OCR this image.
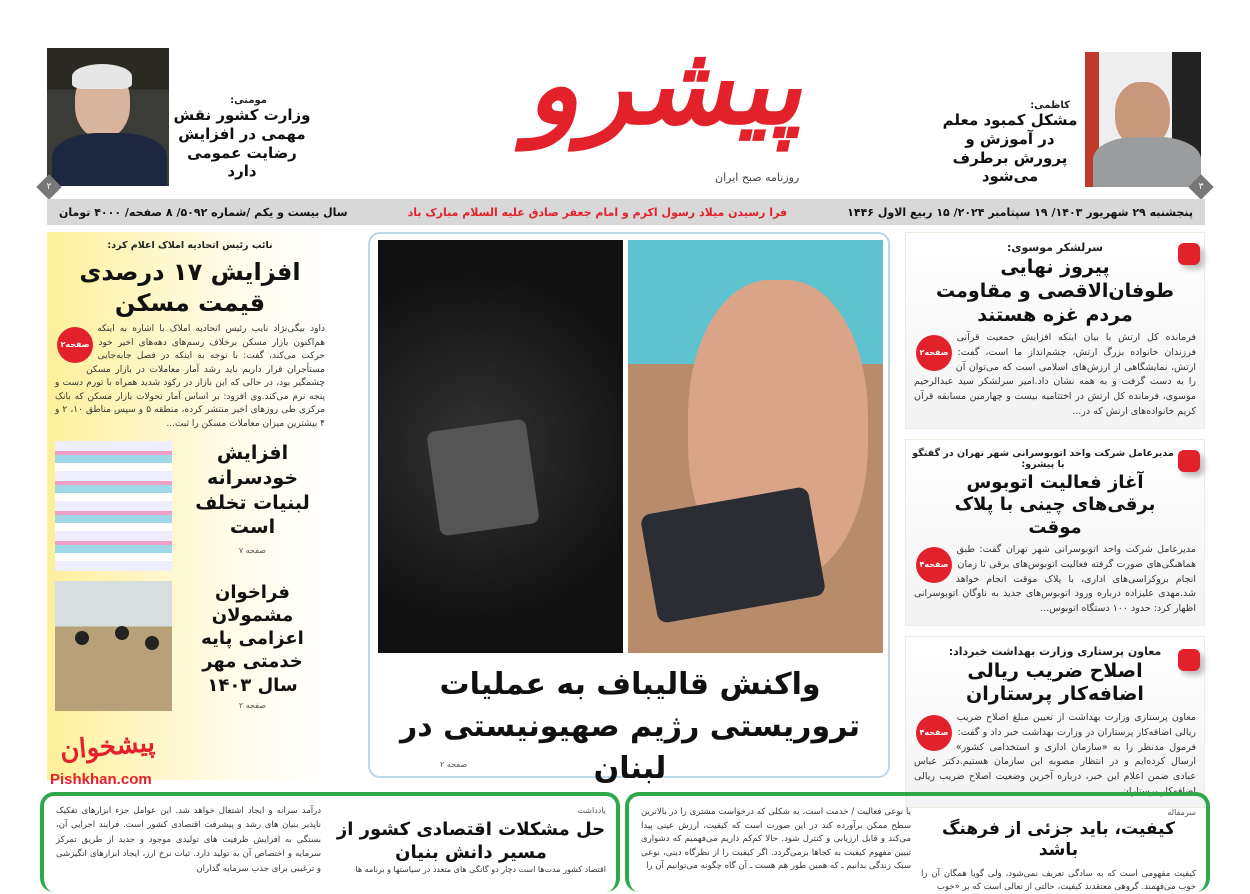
۲
مومنی:
وزارت کشور نقش مهمی در افزایش رضایت عمومی دارد
پیشرو
روزنامه صبح ایران
کاظمی:
مشکل کمبود معلم در آموزش و پرورش برطرف می‌شود
۳
پنجشنبه ۲۹ شهریور ۱۴۰۳/ ۱۹ سپتامبر ۲۰۲۴/ ۱۵ ربیع الاول ۱۴۴۶
فرا رسیدن میلاد رسول اکرم و امام جعفر صادق علیه السلام مبارک باد
سال بیست و یکم /شماره ۵۰۹۲/ ۸ صفحه/ ۴۰۰۰ تومان
نائب رئیس اتحادیه املاک اعلام کرد:
افزایش ۱۷ درصدی قیمت مسکن
صفحه۲
داود بیگی‌نژاد نایب رئیس اتحادیه املاک با اشاره به اینکه هم‌اکنون بازار مسکن برخلاف رسم‌های دهه‌های اخیر خود حرکت می‌کند، گفت: با توجه به اینکه در فصل جابه‌جایی مستأجران قرار داریم باید رشد آمار معاملات در بازار مسکن چشمگیر بود، در حالی که این بازار در رکود شدید همراه با تورم دست و پنجه نرم می‌کند.وی افزود: بر اساس آمار تحولات بازار مسکن که بانک مرکزی طی روزهای اخیر منتشر کرده، منطقه ۵ و سپس مناطق ۱۰، ۲ و ۴ بیشترین میزان معاملات مسکن را ثبت...
افزایش خودسرانه لبنیات تخلف است
صفحه ۷
فراخوان مشمولان اعزامی پایه خدمتی مهر سال ۱۴۰۳
صفحه ۲
واکنش قالیباف به عملیات تروریستی رژیم صهیونیستی در لبنان
صفحه ۲
سرلشکر موسوی:
پیروز نهایی طوفان‌الاقصی و مقاومت مردم غزه هستند
صفحه۲
فرمانده کل ارتش با بیان اینکه افزایش جمعیت قرآنی فرزندان خانواده بزرگ ارتش، چشم‌انداز ما است، گفت: ارتش، نمایشگاهی از ارزش‌های اسلامی است که می‌توان آن را به دست گرفت و به همه نشان داد.امیر سرلشکر سید عبدالرحیم موسوی، فرمانده کل ارتش در اختتامیه بیست و چهارمین مسابقه قرآن کریم خانواده‌های ارتش که در...
مدیرعامل شرکت واحد اتوبوسرانی شهر تهران در گفتگو با پیشرو:
آغاز فعالیت اتوبوس برقی‌های چینی با پلاک موقت
صفحه۴
مدیرعامل شرکت واحد اتوبوسرانی شهر تهران گفت: طبق هماهنگی‌های صورت گرفته فعالیت اتوبوس‌های برقی تا زمان انجام بروکراسی‌های اداری، با پلاک موقت انجام خواهد شد.مهدی علیزاده درباره ورود اتوبوس‌های جدید به ناوگان اتوبوسرانی اظهار کرد: حدود ۱۰۰ دستگاه اتوبوس...
معاون پرستاری وزارت بهداشت خبرداد:
اصلاح ضریب ریالی اضافه‌کار پرستاران
صفحه۴
معاون پرستاری وزارت بهداشت از تعیین مبلغ اصلاح ضریب ریالی اضافه‌کار پرستاران در وزارت بهداشت خبر داد و گفت: فرمول مدنظر را به «سازمان اداری و استخدامی کشور» ارسال کرده‌ایم و در انتظار مصوبه این سازمان هستیم.دکتر عباس عبادی ضمن اعلام این خبر، درباره آخرین وضعیت اصلاح ضریب ریالی اضافه‌کار پرستاران...
یادداشت
حل مشکلات اقتصادی کشور از مسیر دانش بنیان
اقتصاد کشور مدت‌ها است دچار دو گانگی های متعدد در سیاستها و برنامه ها
درآمد سرانه و ایجاد اشتغال خواهد شد. این عوامل جزء ابزارهای تفکیک ناپذیر بنیان های رشد و پیشرفت اقتصادی کشور است. فرایند اجرایی آن، بستگی به افزایش ظرفیت های تولیدی موجود و جدید از طریق تمرکز سرمایه و اختصاص آن به تولید دارد. ثبات نرخ ارز، ایجاد ابزارهای انگیزشی و ترغیبی برای جذب سرمایه گذاران
سرمقاله
کیفیت، باید جزئی از فرهنگ باشد
کیفیت مفهومی است که به سادگی تعریف نمی‌شود، ولی گویا همگان آن را خوب می‌فهمند. گروهی معتقدند کیفیت، حالتی از تعالی است که بر «خوب
یا نوعی فعالیت / خدمت است، به شکلی که درخواست مشتری را در بالاترین سطح ممکن برآورده کند در این صورت است که کیفیت، ارزش عینی پیدا می‌کند و قابل ارزیابی و کنترل شود. حالا کم‌کم داریم می‌فهمیم که دشواری تبیین مفهوم کیفیت به کجاها برمی‌گردد. اگر کیفیت را از نظرگاه دینی، نوعی سبک زندگی بدانیم ـ که همین طور هم هست ـ آن گاه چگونه می‌توانیم آن را
پیشخوان
Pishkhan.com
